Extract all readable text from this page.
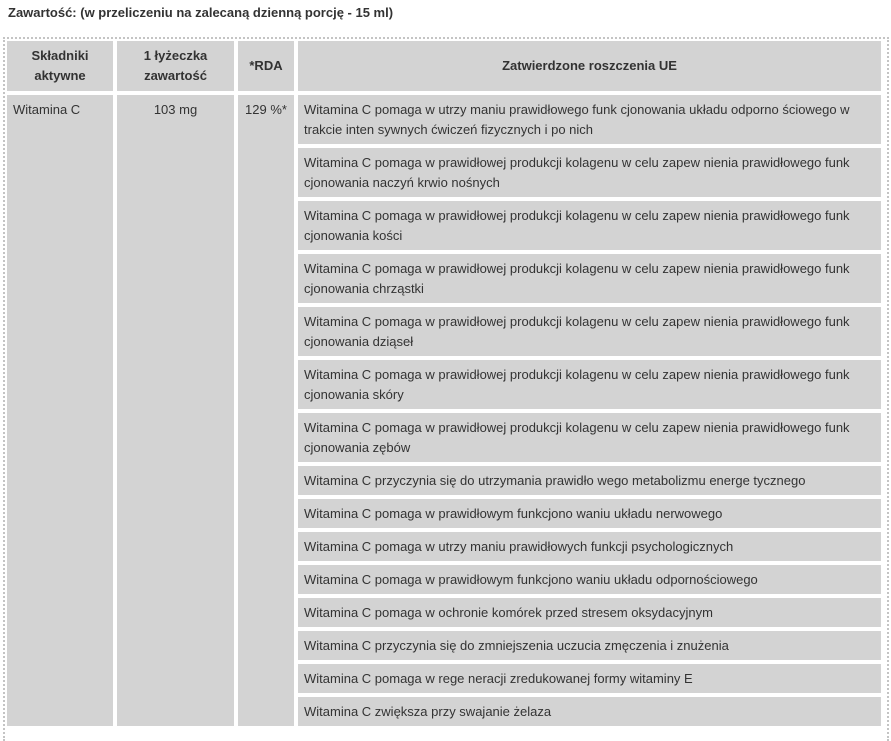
Zawartość: (w przeliczeniu na zalecaną dzienną porcję - 15 ml)
Składniki aktywne	1 łyżeczka zawartość	*RDA	Zatwierdzone roszczenia UE
Witamina C	103 mg	129 %*	Witamina C pomaga w utrzy maniu prawidłowego funk cjonowania układu odporno ściowego w trakcie inten sywnych ćwiczeń fizycznych i po nich
			Witamina C pomaga w prawidłowej produkcji kolagenu w celu zapew nienia prawidłowego funk cjonowania naczyń krwio nośnych
			Witamina C pomaga w prawidłowej produkcji kolagenu w celu zapew nienia prawidłowego funk cjonowania kości
			Witamina C pomaga w prawidłowej produkcji kolagenu w celu zapew nienia prawidłowego funk cjonowania chrząstki
			Witamina C pomaga w prawidłowej produkcji kolagenu w celu zapew nienia prawidłowego funk cjonowania dziąseł
			Witamina C pomaga w prawidłowej produkcji kolagenu w celu zapew nienia prawidłowego funk cjonowania skóry
			Witamina C pomaga w prawidłowej produkcji kolagenu w celu zapew nienia prawidłowego funk cjonowania zębów
			Witamina C przyczynia się do utrzymania prawidło wego metabolizmu energe tycznego
			Witamina C pomaga w prawidłowym funkcjono waniu układu nerwowego
			Witamina C pomaga w utrzy maniu prawidłowych funkcji psychologicznych
			Witamina C pomaga w prawidłowym funkcjono waniu układu odpornościowego
			Witamina C pomaga w ochronie komórek przed stresem oksydacyjnym
			Witamina C przyczynia się do zmniejszenia uczucia zmęczenia i znużenia
			Witamina C pomaga w rege neracji zredukowanej formy witaminy E
			Witamina C zwiększa przy swajanie żelaza
